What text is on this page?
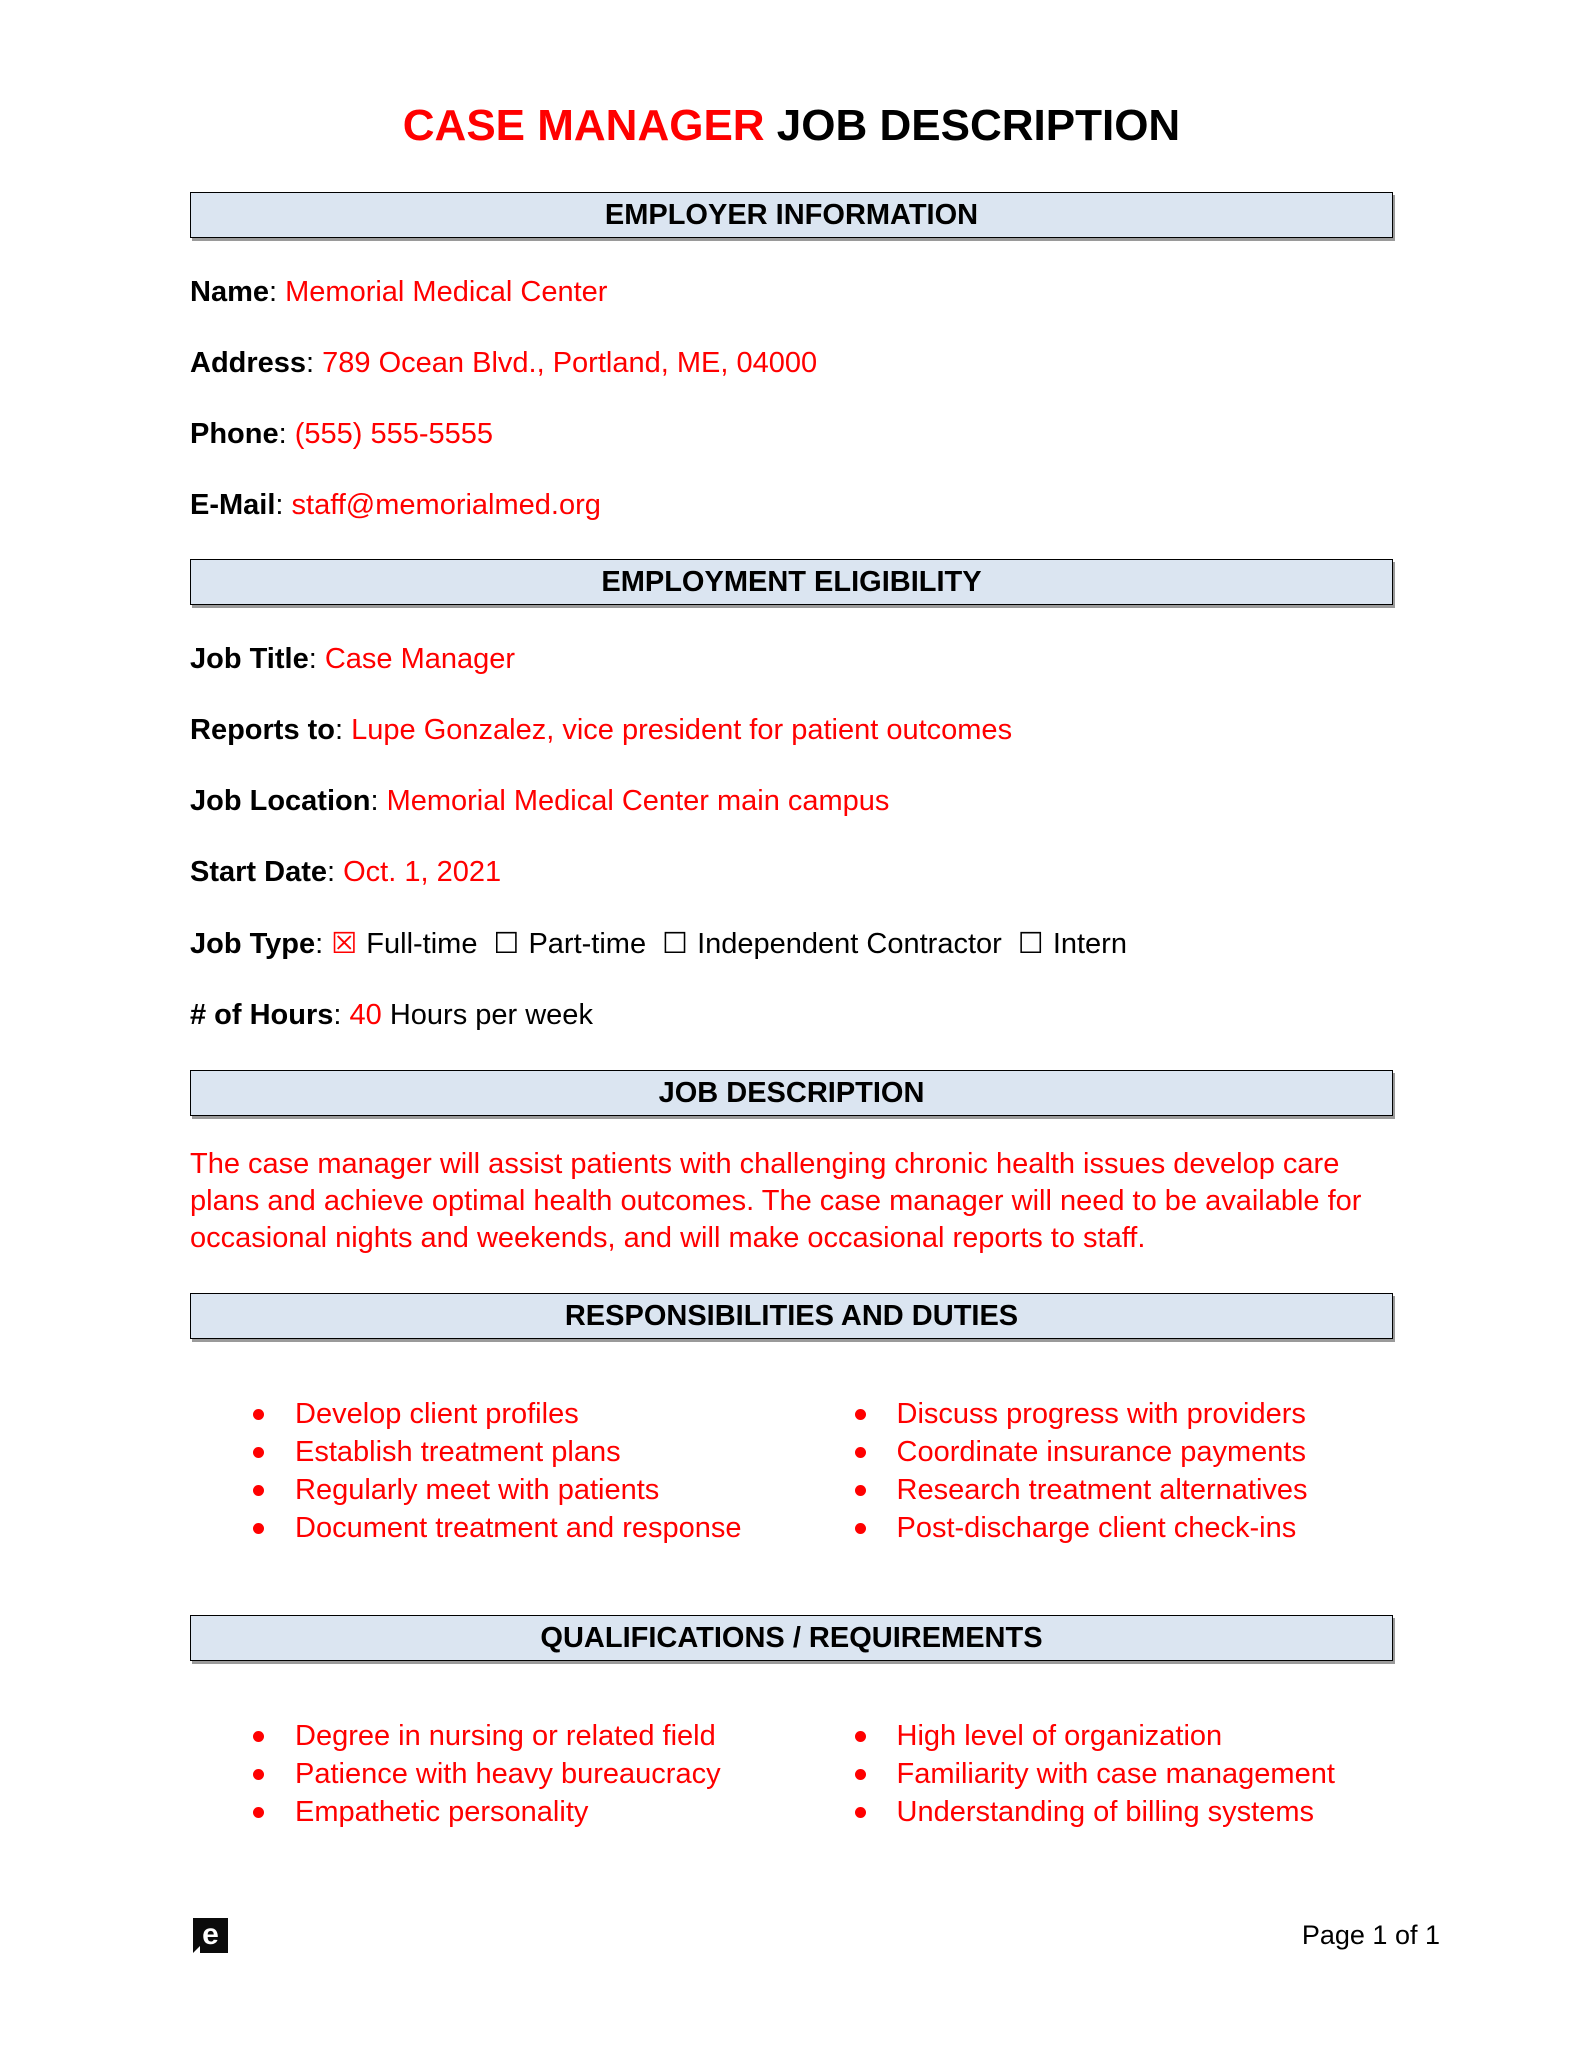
CASE MANAGER JOB DESCRIPTION
EMPLOYER INFORMATION

Name: Memorial Medical Center

Address: 789 Ocean Blvd., Portland, ME, 04000

Phone: (555) 555-5555

E-Mail: staff@memorialmed.org

EMPLOYMENT ELIGIBILITY

Job Title: Case Manager

Reports to: Lupe Gonzalez, vice president for patient outcomes

Job Location: Memorial Medical Center main campus

Start Date: Oct. 1, 2021

Job Type: ☒ Full-time ☐ Part-time ☐ Independent Contractor ☐ Intern

# of Hours: 40 Hours per week

JOB DESCRIPTION

The case manager will assist patients with challenging chronic health issues develop care plans and achieve optimal health outcomes. The case manager will need to be available for occasional nights and weekends, and will make occasional reports to staff.

RESPONSIBILITIES AND DUTIES
Develop client profiles
Establish treatment plans
Regularly meet with patients
Document treatment and response
Discuss progress with providers
Coordinate insurance payments
Research treatment alternatives
Post-discharge client check-ins
QUALIFICATIONS / REQUIREMENTS
Degree in nursing or related field
Patience with heavy bureaucracy
Empathetic personality
High level of organization
Familiarity with case management
Understanding of billing systems
e	Page 1 of 1
